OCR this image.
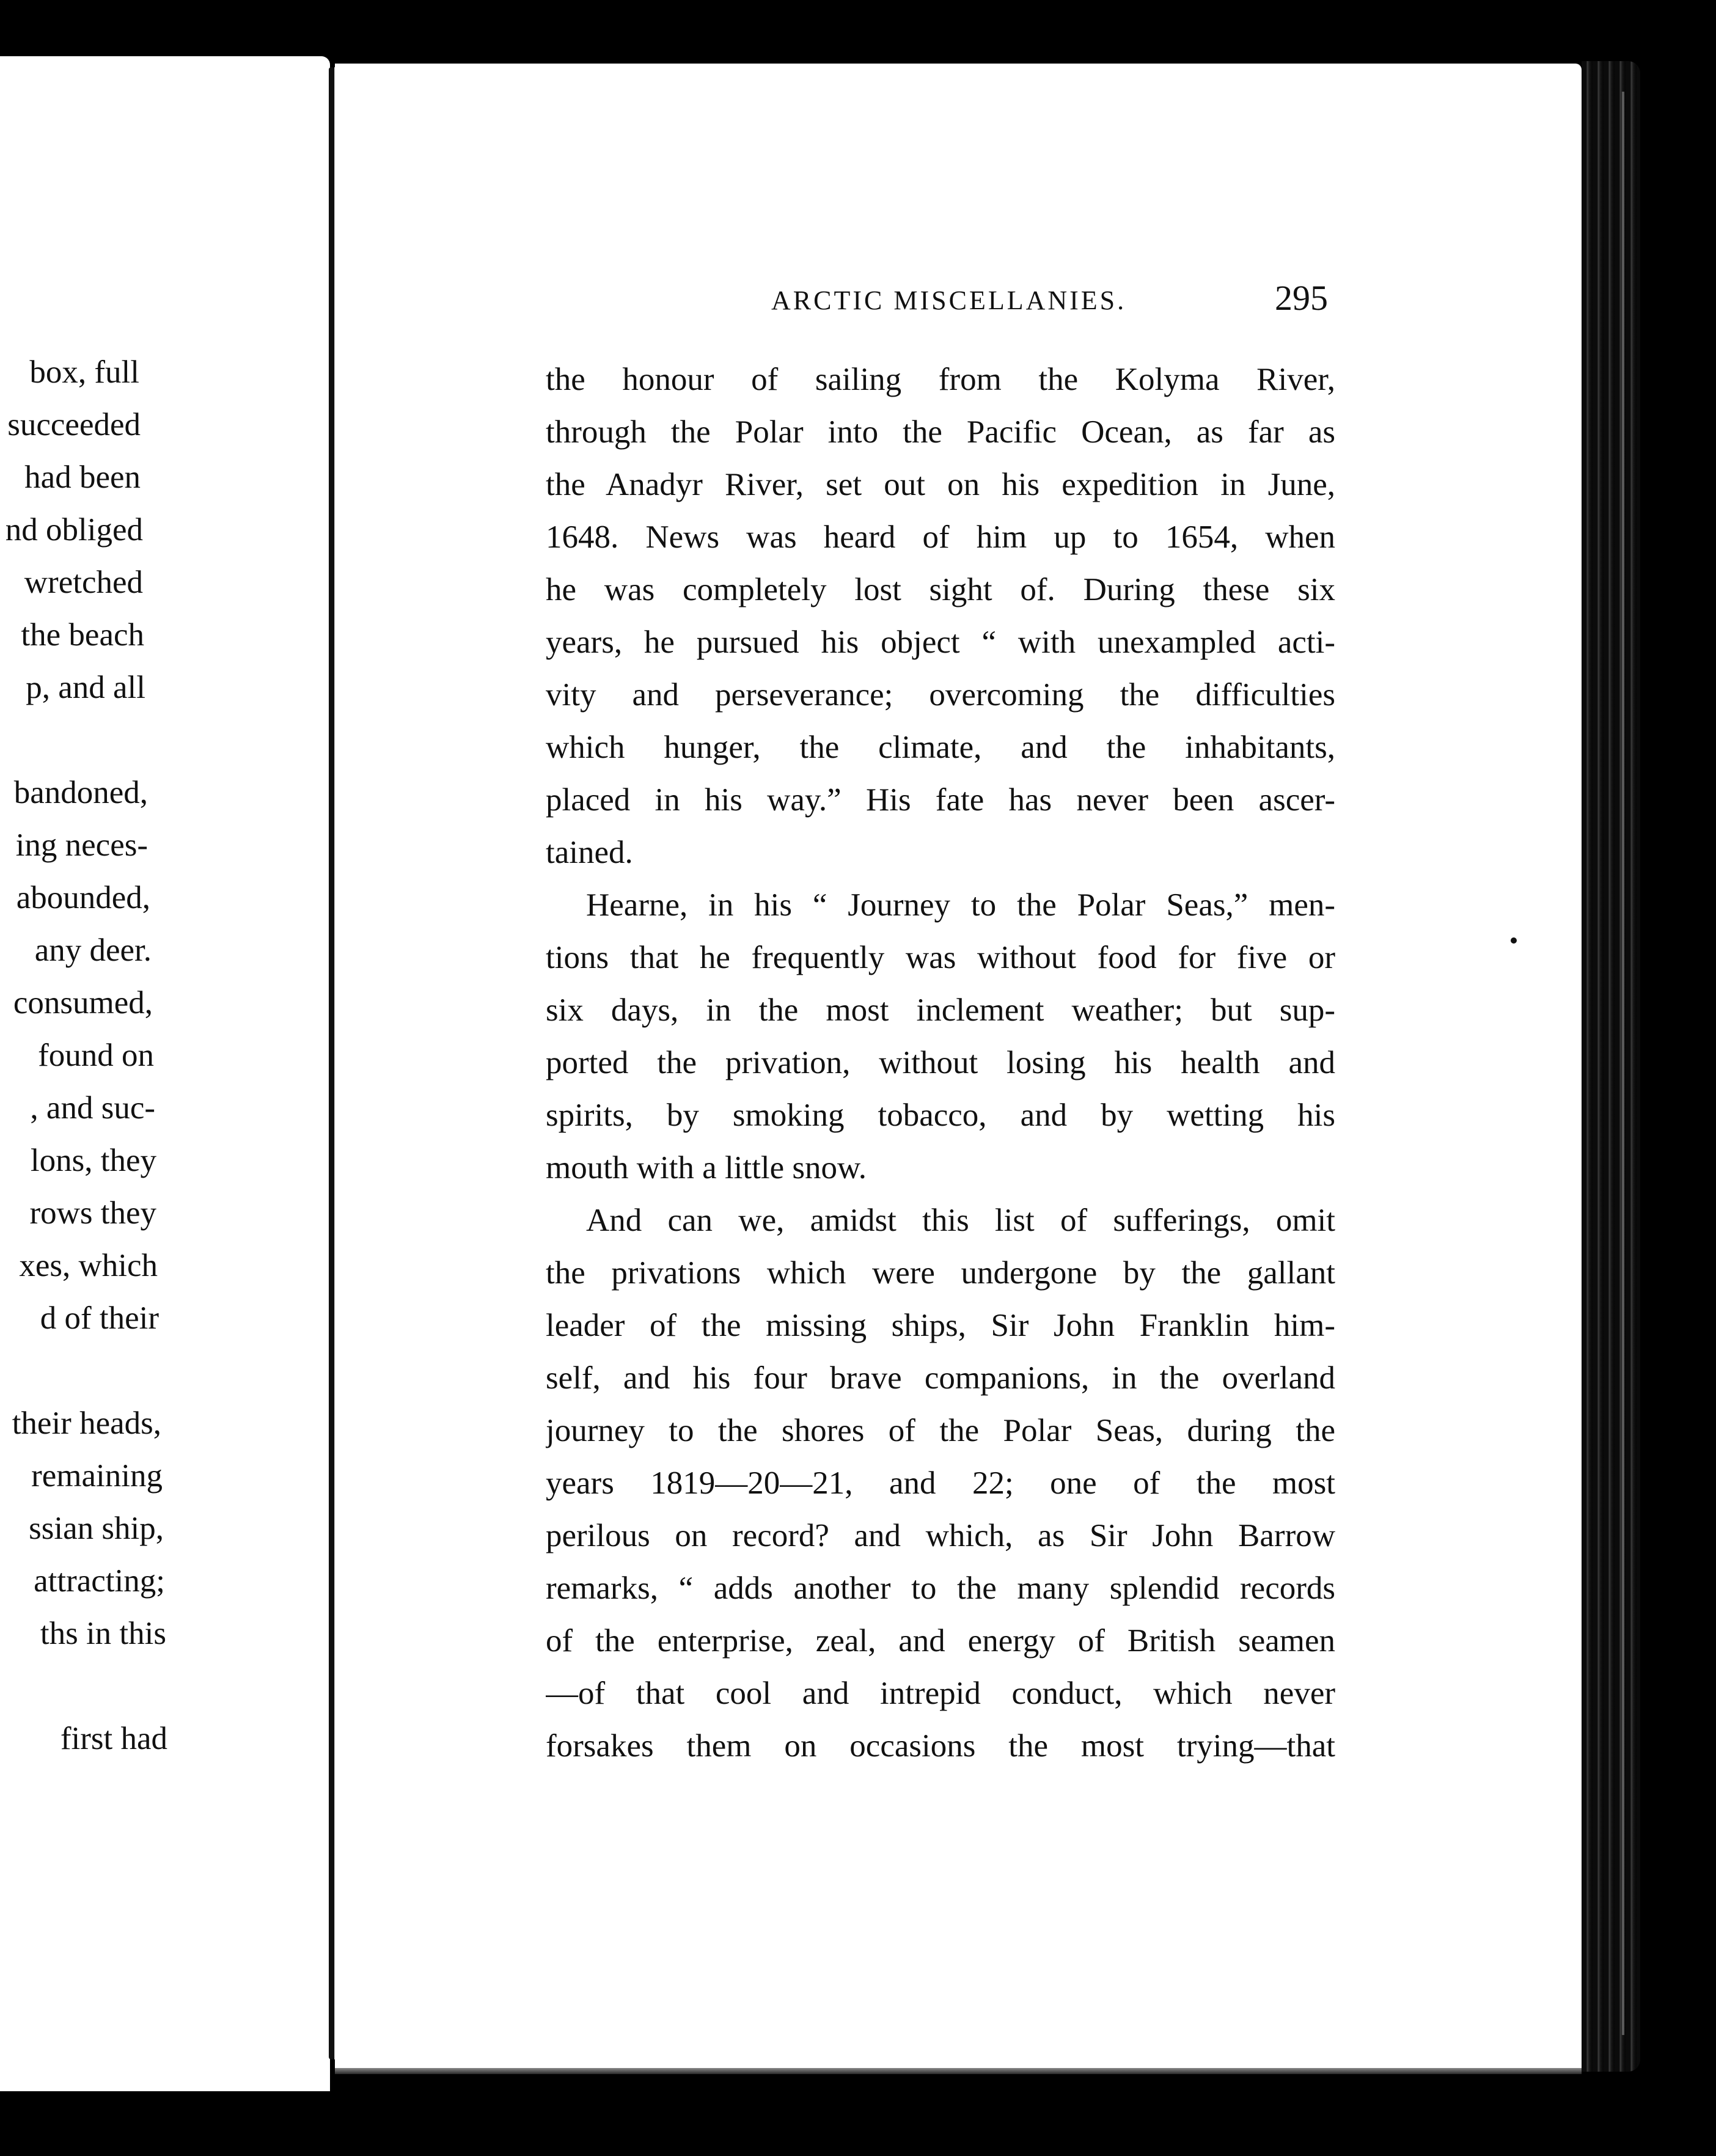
box, full
succeeded
had been
nd obliged
wretched
the beach
p, and all
bandoned,
ing neces-
abounded,
any deer.
consumed,
found on
, and suc-
lons, they
rows they
xes, which
d of their
their heads,
remaining
ssian ship,
attracting;
ths in this
first had
ARCTIC MISCELLANIES.	295
the honour of sailing from the Kolyma River,
through the Polar into the Pacific Ocean, as far as
the Anadyr River, set out on his expedition in June,
1648. News was heard of him up to 1654, when
he was completely lost sight of. During these six
years, he pursued his object “ with unexampled acti-
vity and perseverance; overcoming the difficulties
which hunger, the climate, and the inhabitants,
placed in his way.” His fate has never been ascer-
tained.
Hearne, in his “ Journey to the Polar Seas,” men-
tions that he frequently was without food for five or
six days, in the most inclement weather; but sup-
ported the privation, without losing his health and
spirits, by smoking tobacco, and by wetting his
mouth with a little snow.
And can we, amidst this list of sufferings, omit
the privations which were undergone by the gallant
leader of the missing ships, Sir John Franklin him-
self, and his four brave companions, in the overland
journey to the shores of the Polar Seas, during the
years 1819—20—21, and 22; one of the most
perilous on record? and which, as Sir John Barrow
remarks, “ adds another to the many splendid records
of the enterprise, zeal, and energy of British seamen
—of that cool and intrepid conduct, which never
forsakes them on occasions the most trying—that
